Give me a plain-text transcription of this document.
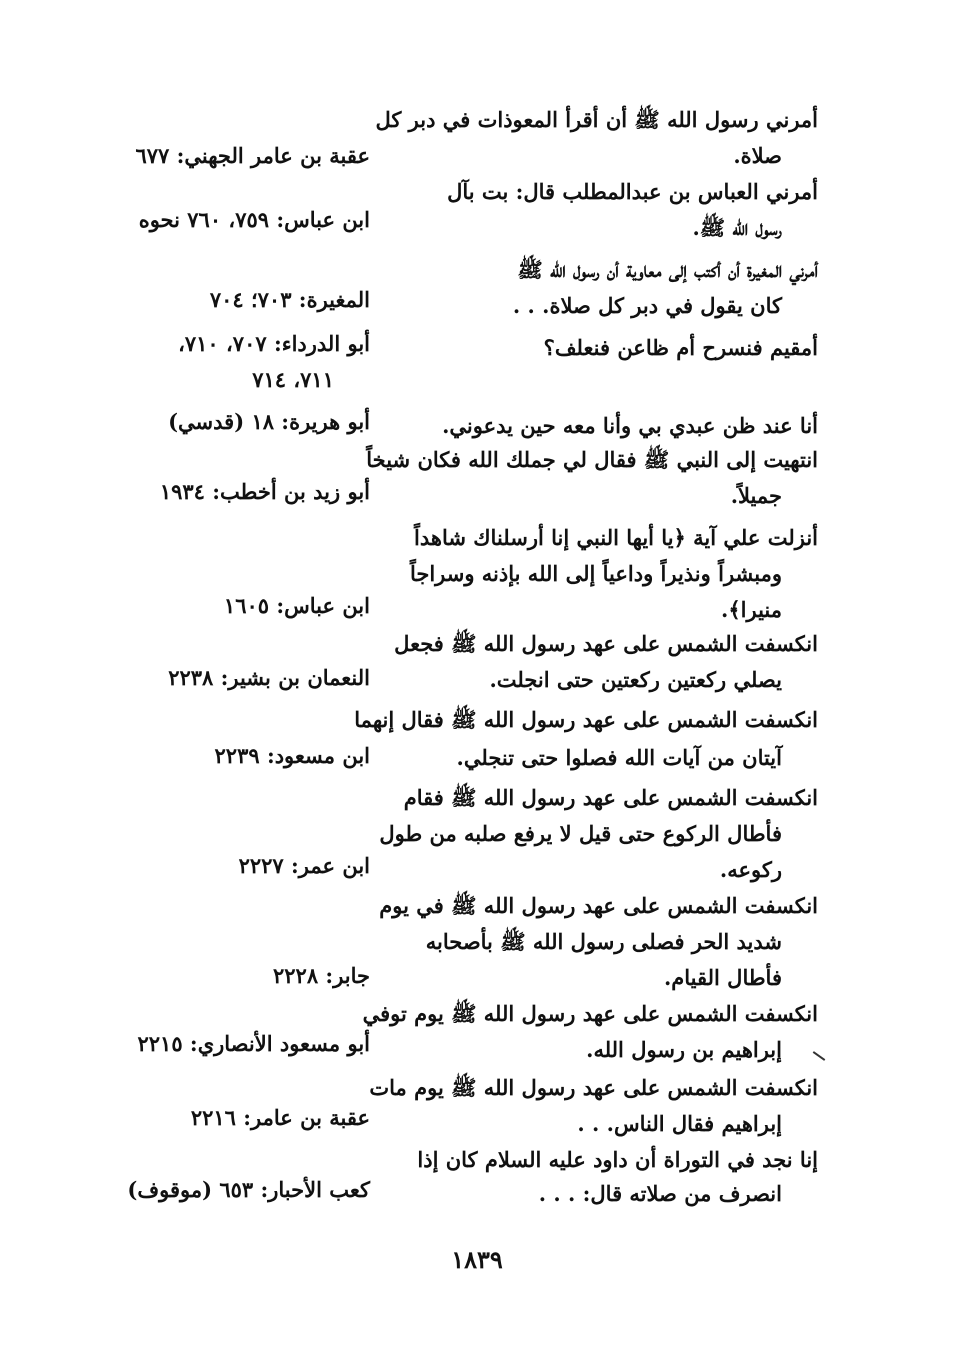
أمرني رسول الله ﷺ أن أقرأ المعوذات في دبر كل
صلاة.
عقبة بن عامر الجهني: ٦٧٧
أمرني العباس بن عبدالمطلب قال: بت بآل
رسول الله ﷺ.
ابن عباس: ٧٥٩، ٧٦٠ نحوه
أمرني المغيرة أن أكتب إلى معاوية أن رسول الله ﷺ
كان يقول في دبر كل صلاة. . .
المغيرة: ٧٠٣؛ ٧٠٤
أمقيم فنسرح أم ظاعن فنعلف؟
أبو الدرداء: ٧٠٧، ٧١٠،
٧١١، ٧١٤
أنا عند ظن عبدي بي وأنا معه حين يدعوني.
أبو هريرة: ١٨ (قدسي)
انتهيت إلى النبي ﷺ فقال لي جملك الله فكان شيخاً
جميلاً.
أبو زيد بن أخطب: ١٩٣٤
أنزلت علي آية ﴿يا أيها النبي إنا أرسلناك شاهداً
ومبشراً ونذيراً وداعياً إلى الله بإذنه وسراجاً
منيرا﴾.
ابن عباس: ١٦٠٥
انكسفت الشمس على عهد رسول الله ﷺ فجعل
يصلي ركعتين ركعتين حتى انجلت.
النعمان بن بشير: ٢٢٣٨
انكسفت الشمس على عهد رسول الله ﷺ فقال إنهما
آيتان من آيات الله فصلوا حتى تنجلي.
ابن مسعود: ٢٢٣٩
انكسفت الشمس على عهد رسول الله ﷺ فقام
فأطال الركوع حتى قيل لا يرفع صلبه من طول
ركوعه.
ابن عمر: ٢٢٢٧
انكسفت الشمس على عهد رسول الله ﷺ في يوم
شديد الحر فصلى رسول الله ﷺ بأصحابه
فأطال القيام.
جابر: ٢٢٢٨
انكسفت الشمس على عهد رسول الله ﷺ يوم توفي
إبراهيم بن رسول الله.
أبو مسعود الأنصاري: ٢٢١٥
انكسفت الشمس على عهد رسول الله ﷺ يوم مات
إبراهيم فقال الناس. . .
عقبة بن عامر: ٢٢١٦
إنا نجد في التوراة أن داود عليه السلام كان إذا
انصرف من صلاته قال: . . .
كعب الأحبار: ٦٥٣ (موقوف)
١٨٣٩
